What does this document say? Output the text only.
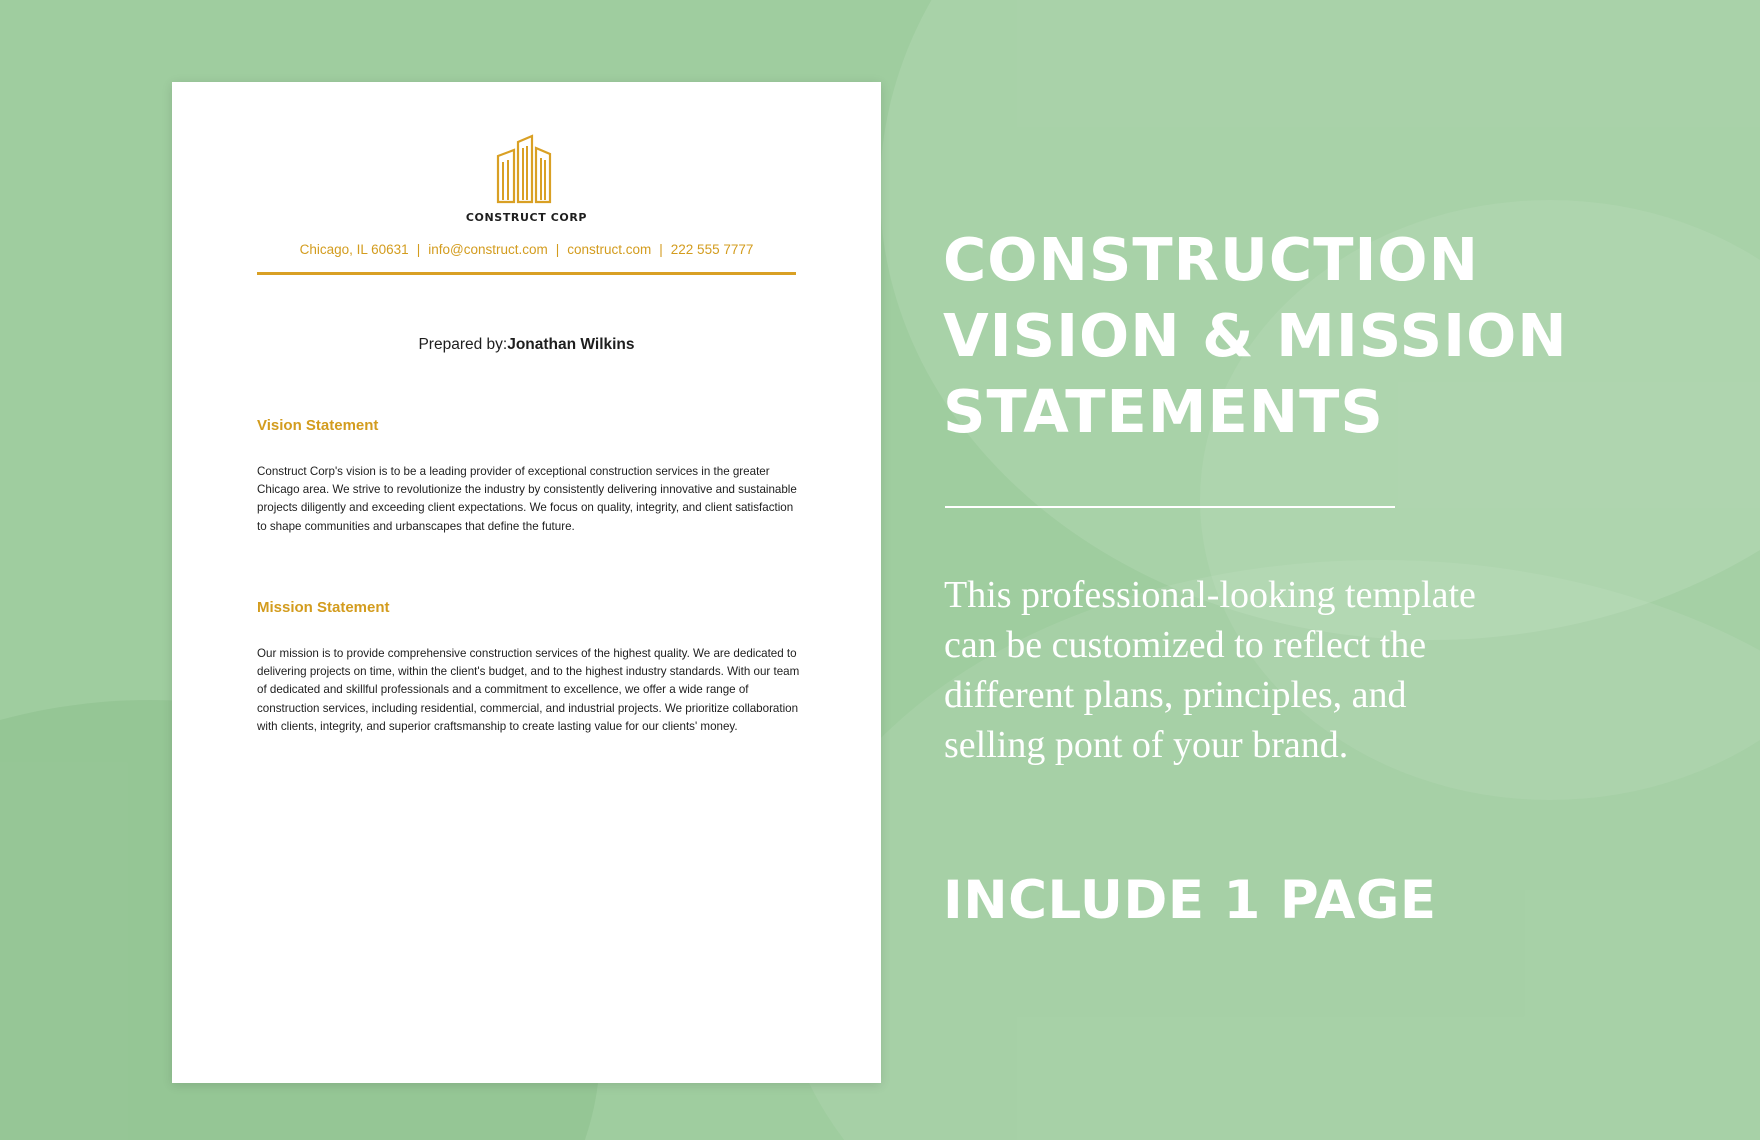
CONSTRUCT CORP
Chicago, IL 60631 | info@construct.com | construct.com | 222 555 7777
Prepared by:Jonathan Wilkins
Vision Statement
Construct Corp's vision is to be a leading provider of exceptional construction services in the greater Chicago area. We strive to revolutionize the industry by consistently delivering innovative and sustainable projects diligently and exceeding client expectations. We focus on quality, integrity, and client satisfaction to shape communities and urbanscapes that define the future.
Mission Statement
Our mission is to provide comprehensive construction services of the highest quality. We are dedicated to delivering projects on time, within the client's budget, and to the highest industry standards. With our team of dedicated and skillful professionals and a commitment to excellence, we offer a wide range of construction services, including residential, commercial, and industrial projects. We prioritize collaboration with clients, integrity, and superior craftsmanship to create lasting value for our clients' money.
CONSTRUCTION VISION & MISSION STATEMENTS

This professional-looking template can be customized to reflect the different plans, principles, and selling pont of your brand.

INCLUDE 1 PAGE
